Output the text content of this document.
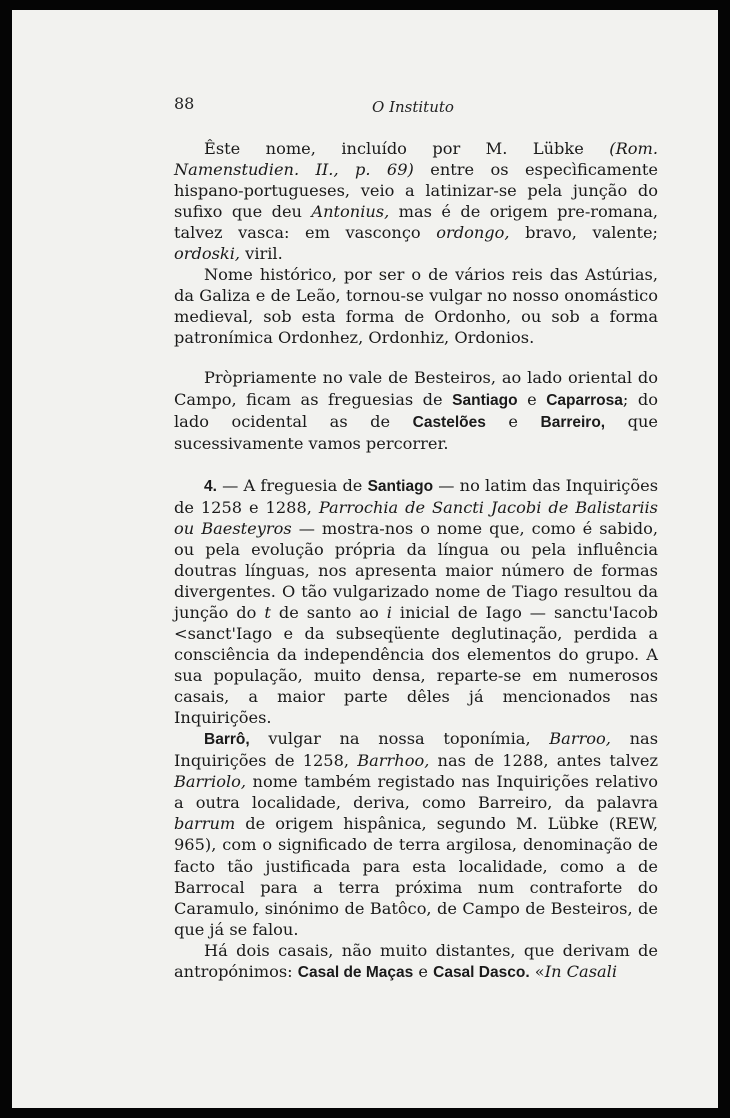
88	O Instituto

Êste nome, incluído por M. Lübke (Rom. Namenstudien. II., p. 69) entre os especìficamente hispano-portugueses, veio a latinizar-se pela junção do sufixo que deu Antonius, mas é de origem pre-romana, talvez vasca: em vasconço ordongo, bravo, valente; ordoski, viril.

Nome histórico, por ser o de vários reis das Astúrias, da Galiza e de Leão, tornou-se vulgar no nosso onomástico medieval, sob esta forma de Ordonho, ou sob a forma patronímica Ordonhez, Ordonhiz, Ordonios.

Pròpriamente no vale de Besteiros, ao lado oriental do Campo, ficam as freguesias de Santiago e Caparrosa; do lado ocidental as de Castelões e Barreiro, que sucessivamente vamos percorrer.

4. — A freguesia de Santiago — no latim das Inquirições de 1258 e 1288, Parrochia de Sancti Jacobi de Balistariis ou Baesteyros — mostra-nos o nome que, como é sabido, ou pela evolução própria da língua ou pela influência doutras línguas, nos apresenta maior número de formas divergentes. O tão vulgarizado nome de Tiago resultou da junção do t de santo ao i inicial de Iago — sanctu'Iacob <sanct'Iago e da subseqüente deglutinação, perdida a consciência da independência dos elementos do grupo. A sua população, muito densa, reparte-se em numerosos casais, a maior parte dêles já mencionados nas Inquirições.

Barrô, vulgar na nossa toponímia, Barroo, nas Inquirições de 1258, Barrhoo, nas de 1288, antes talvez Barriolo, nome também registado nas Inquirições relativo a outra localidade, deriva, como Barreiro, da palavra barrum de origem hispânica, segundo M. Lübke (REW, 965), com o significado de terra argilosa, denominação de facto tão justificada para esta localidade, como a de Barrocal para a terra próxima num contraforte do Caramulo, sinónimo de Batôco, de Campo de Besteiros, de que já se falou.

Há dois casais, não muito distantes, que derivam de antropónimos: Casal de Maças e Casal Dasco. «In Casali
